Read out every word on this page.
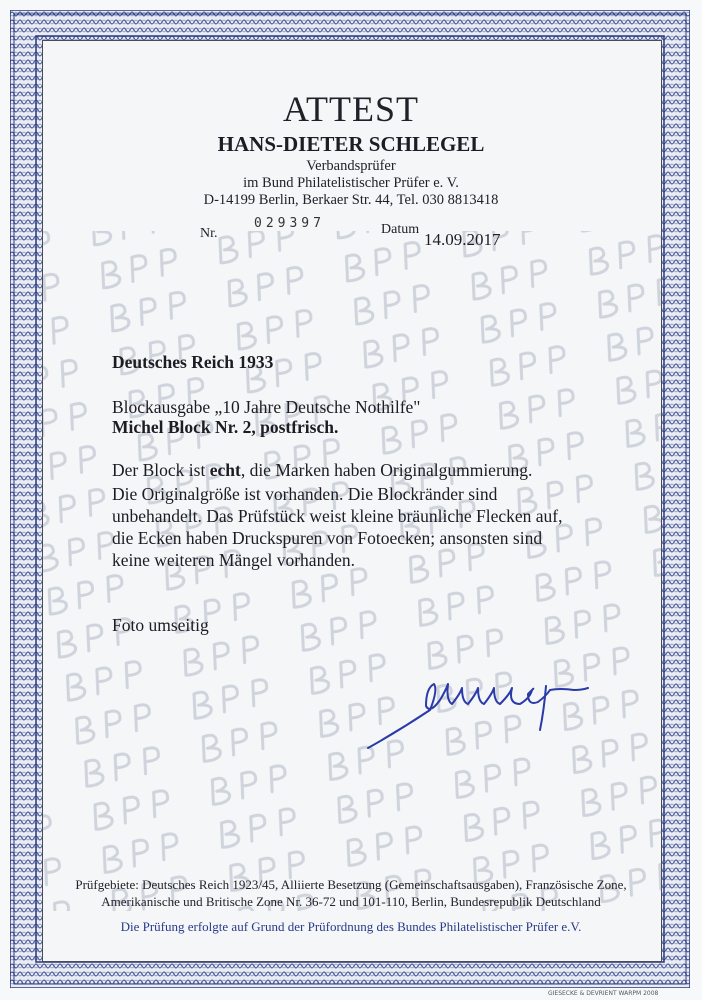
ATTEST
HANS-DIETER SCHLEGEL
Verbandsprüfer
im Bund Philatelistischer Prüfer e. V.
D-14199 Berlin, Berkaer Str. 44, Tel. 030 8813418
Nr.
029397	Datum
14.09.2017
Deutsches Reich 1933
Blockausgabe „10 Jahre Deutsche Nothilfe"
Michel Block Nr. 2, postfrisch.
Der Block ist echt, die Marken haben Originalgummierung.
Die Originalgröße ist vorhanden. Die Blockränder sind
unbehandelt. Das Prüfstück weist kleine bräunliche Flecken auf,
die Ecken haben Druckspuren von Fotoecken; ansonsten sind
keine weiteren Mängel vorhanden.
Foto umseitig
Prüfgebiete: Deutsches Reich 1923/45, Alliierte Besetzung (Gemeinschaftsausgaben), Französische Zone,
Amerikanische und Britische Zone Nr. 36-72 und 101-110, Berlin, Bundesrepublik Deutschland
Die Prüfung erfolgte auf Grund der Prüfordnung des Bundes Philatelistischer Prüfer e.V.
GIESECKE & DEVRIENT WARPM 2008
